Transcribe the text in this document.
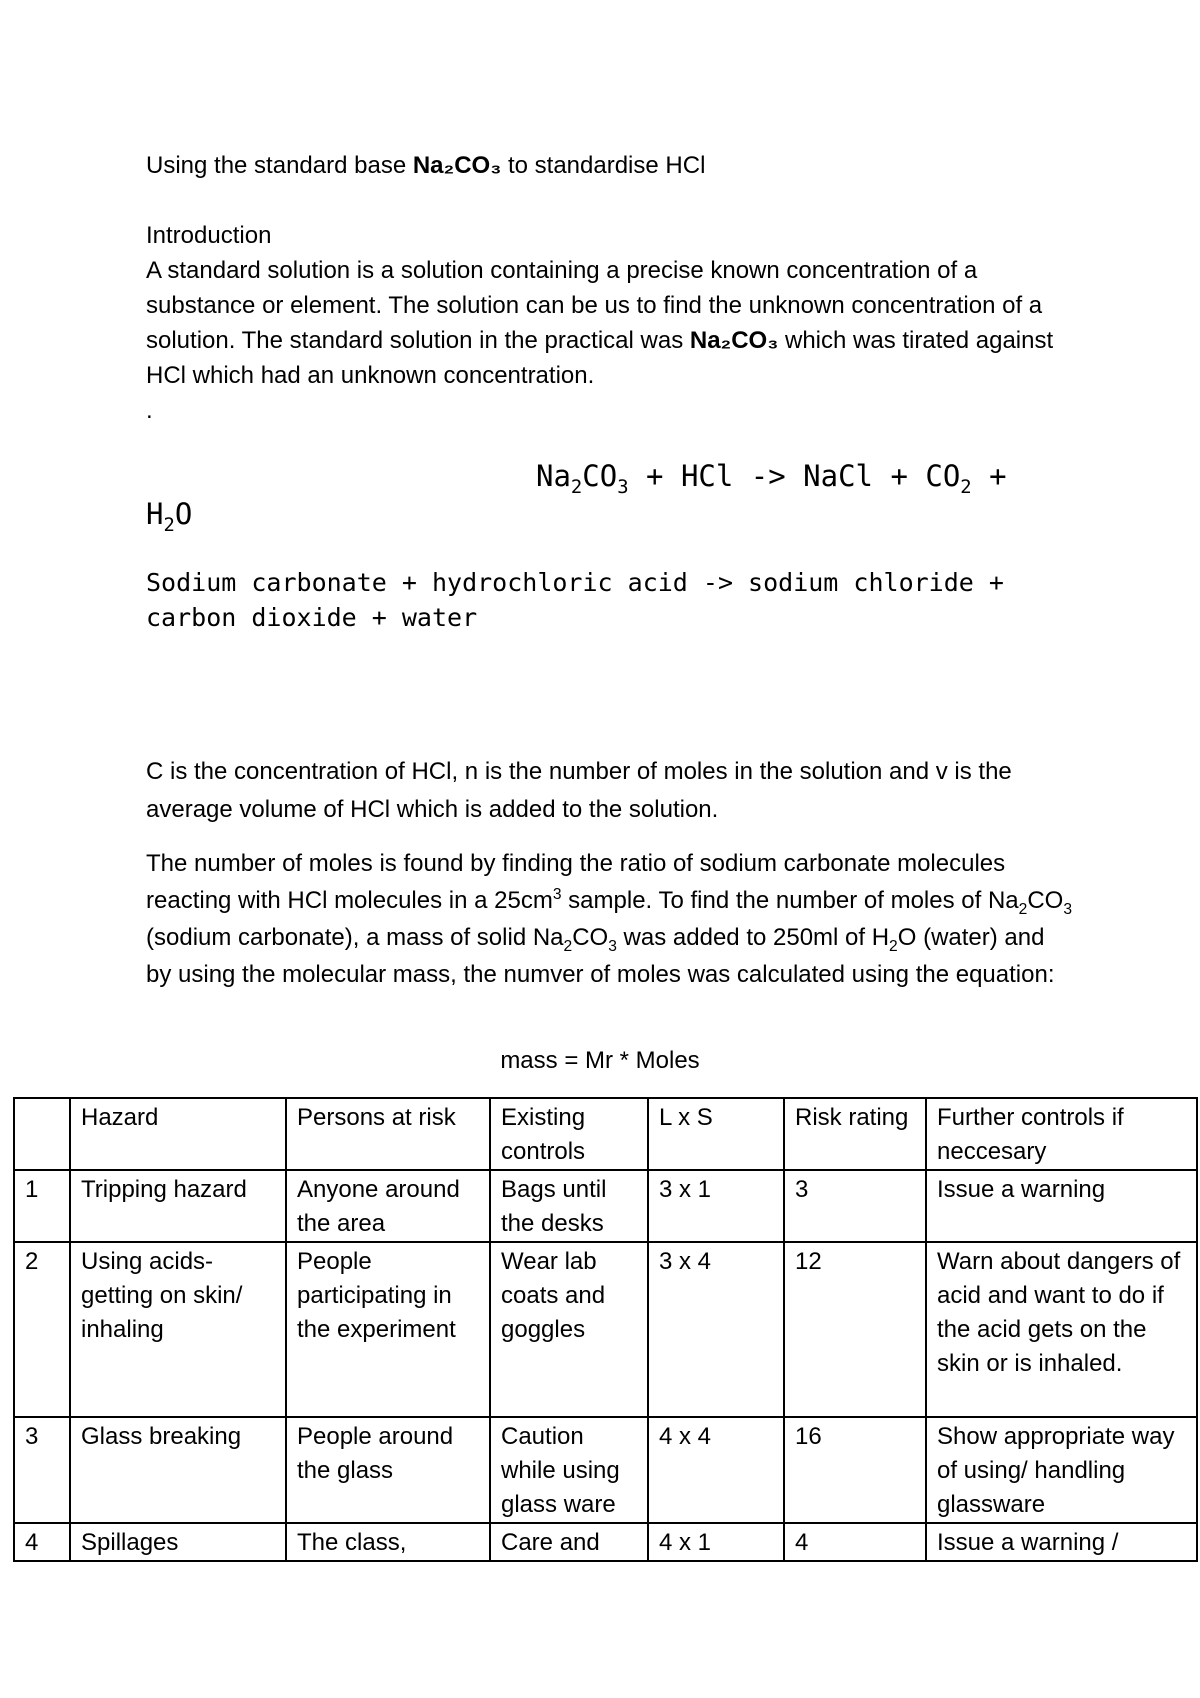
Using the standard base Na₂CO₃ to standardise HCl
Introduction
A standard solution is a solution containing a precise known concentration of a substance or element. The solution can be us to find the unknown concentration of a solution. The standard solution in the practical was Na₂CO₃ which was tirated against HCl which had an unknown concentration.
.
$Na_2CO_3$ + HCl -> NaCl + $CO_2$ +
$H_2O$
Sodium carbonate + hydrochloric acid -> sodium chloride + carbon dioxide + water
C is the concentration of HCl, n is the number of moles in the solution and v is the average volume of HCl which is added to the solution.
The number of moles is found by finding the ratio of sodium carbonate molecules reacting with HCl molecules in a $25cm^3$ sample. To find the number of moles of $Na_2CO_3$ (sodium carbonate), a mass of solid $Na_2CO_3$ was added to 250ml of $H_2O$ (water) and by using the molecular mass, the numver of moles was calculated using the equation:
mass = Mr * Moles
	Hazard	Persons at risk	Existing controls	L x S	Risk rating	Further controls if neccesary
1	Tripping hazard	Anyone around the area	Bags until the desks	3 x 1	3	Issue a warning
2	Using acids- getting on skin/ inhaling	People participating in the experiment	Wear lab coats and goggles	3 x 4	12	Warn about dangers of acid and want to do if the acid gets on the skin or is inhaled.
3	Glass breaking	People around the glass	Caution while using glass ware	4 x 4	16	Show appropriate way of using/ handling glassware
4	Spillages	The class,	Care and	4 x 1	4	Issue a warning /
